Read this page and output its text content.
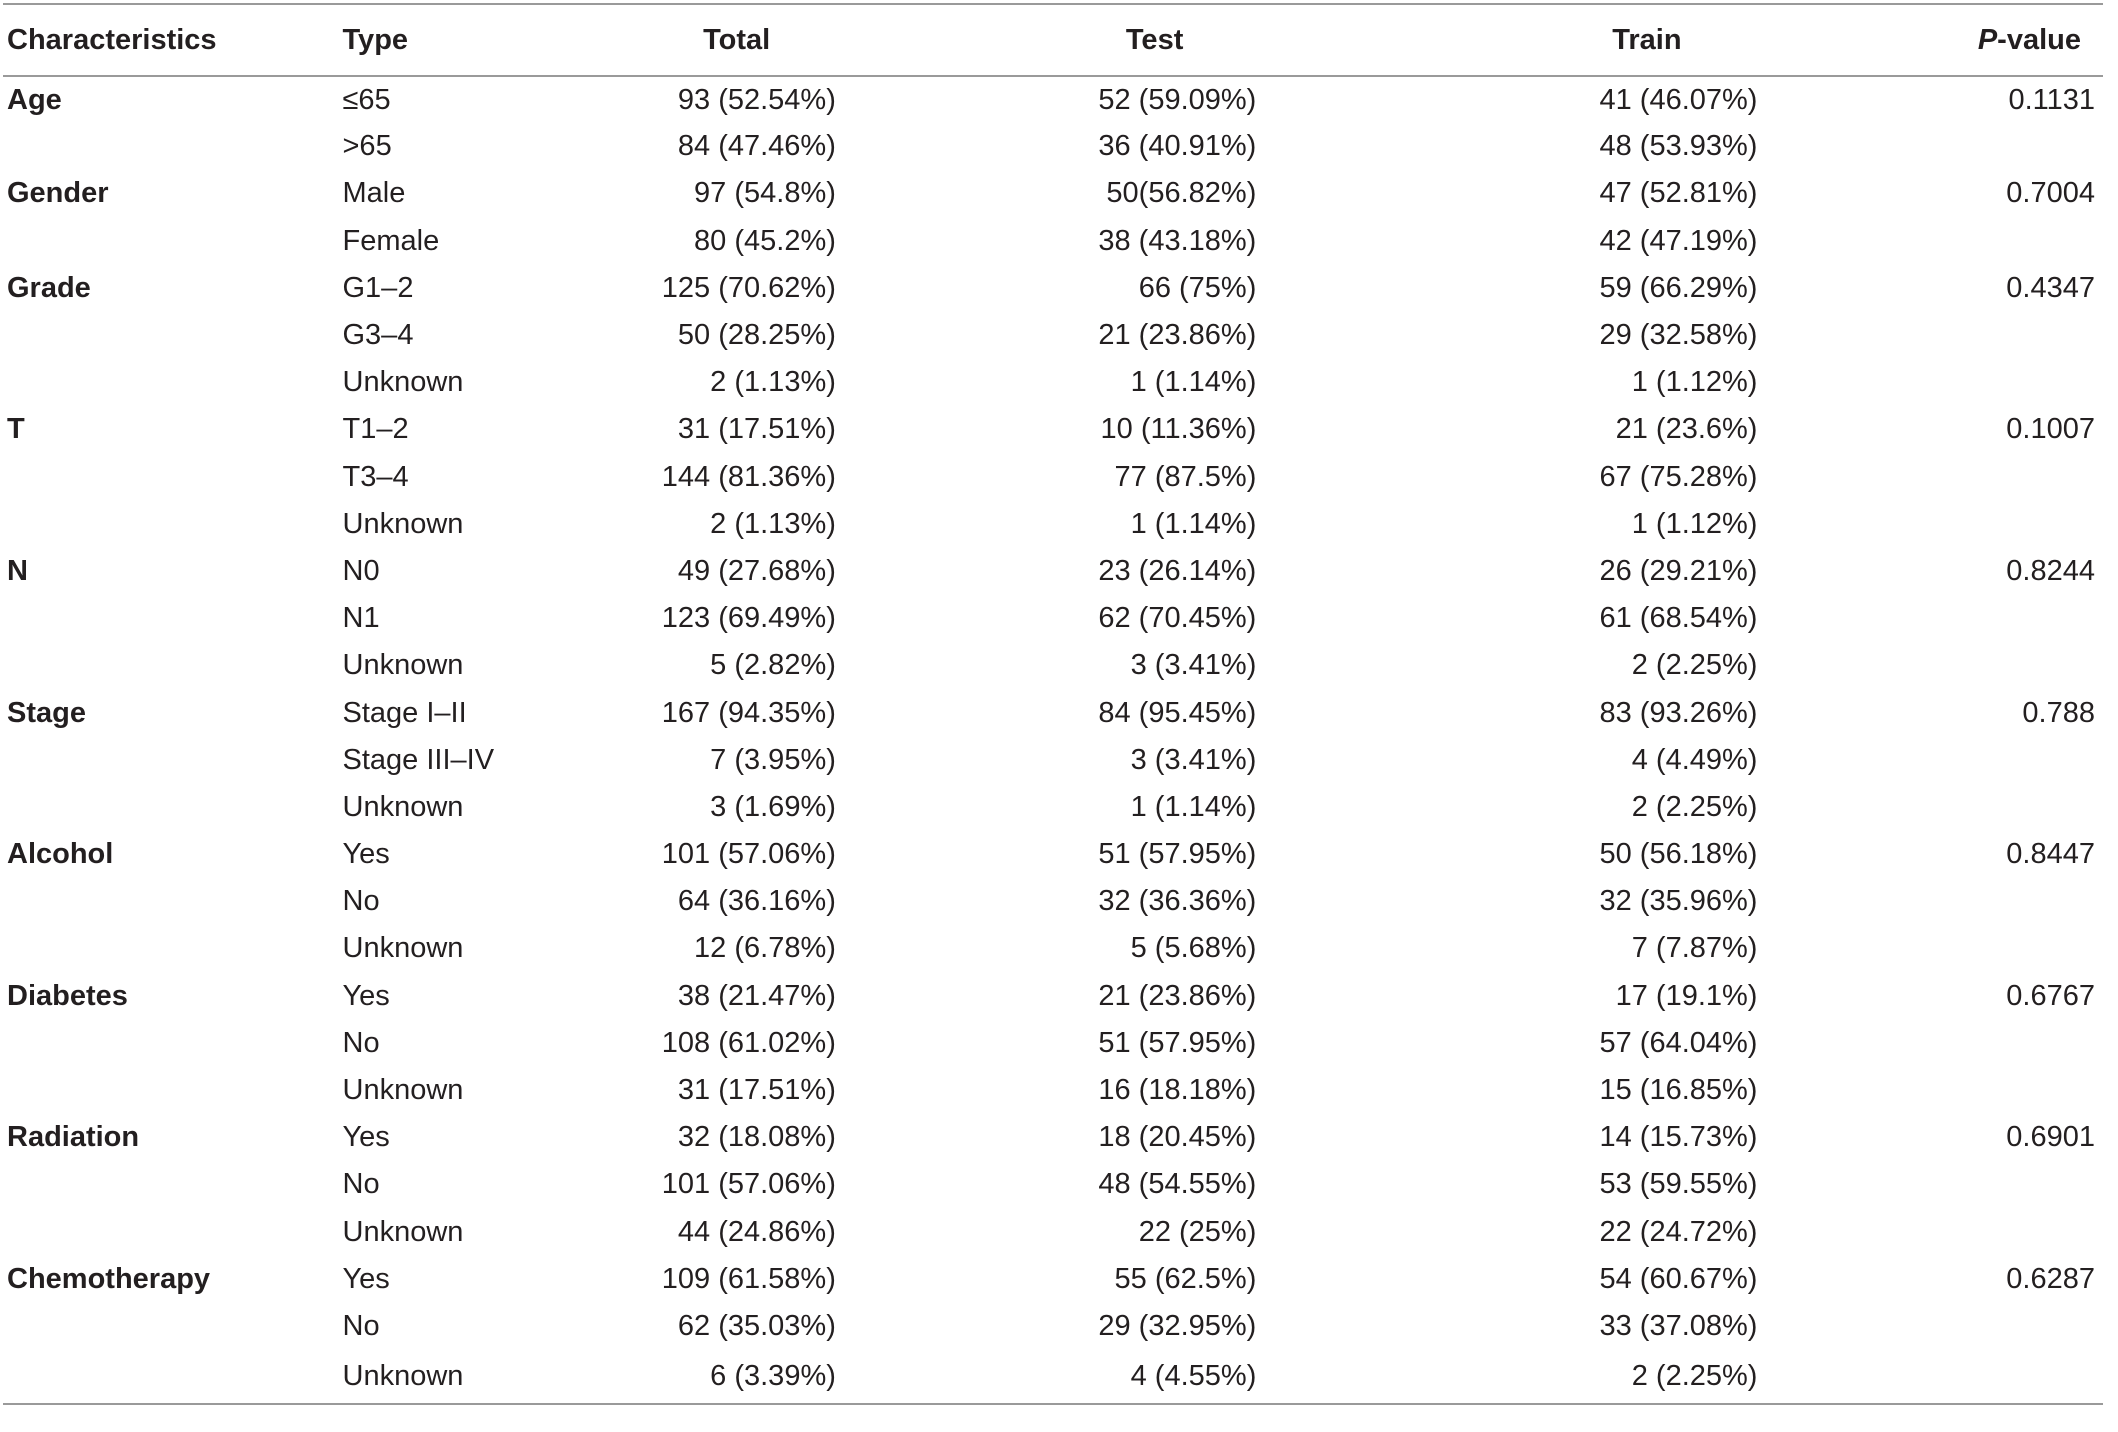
Characteristics	Type	Total	Test	Train	P-value
Age	≤65	93 (52.54%)	52 (59.09%)	41 (46.07%)	0.1131
	>65	84 (47.46%)	36 (40.91%)	48 (53.93%)	
Gender	Male	97 (54.8%)	50(56.82%)	47 (52.81%)	0.7004
	Female	80 (45.2%)	38 (43.18%)	42 (47.19%)	
Grade	G1–2	125 (70.62%)	66 (75%)	59 (66.29%)	0.4347
	G3–4	50 (28.25%)	21 (23.86%)	29 (32.58%)	
	Unknown	2 (1.13%)	1 (1.14%)	1 (1.12%)	
T	T1–2	31 (17.51%)	10 (11.36%)	21 (23.6%)	0.1007
	T3–4	144 (81.36%)	77 (87.5%)	67 (75.28%)	
	Unknown	2 (1.13%)	1 (1.14%)	1 (1.12%)	
N	N0	49 (27.68%)	23 (26.14%)	26 (29.21%)	0.8244
	N1	123 (69.49%)	62 (70.45%)	61 (68.54%)	
	Unknown	5 (2.82%)	3 (3.41%)	2 (2.25%)	
Stage	Stage I–II	167 (94.35%)	84 (95.45%)	83 (93.26%)	0.788
	Stage III–IV	7 (3.95%)	3 (3.41%)	4 (4.49%)	
	Unknown	3 (1.69%)	1 (1.14%)	2 (2.25%)	
Alcohol	Yes	101 (57.06%)	51 (57.95%)	50 (56.18%)	0.8447
	No	64 (36.16%)	32 (36.36%)	32 (35.96%)	
	Unknown	12 (6.78%)	5 (5.68%)	7 (7.87%)	
Diabetes	Yes	38 (21.47%)	21 (23.86%)	17 (19.1%)	0.6767
	No	108 (61.02%)	51 (57.95%)	57 (64.04%)	
	Unknown	31 (17.51%)	16 (18.18%)	15 (16.85%)	
Radiation	Yes	32 (18.08%)	18 (20.45%)	14 (15.73%)	0.6901
	No	101 (57.06%)	48 (54.55%)	53 (59.55%)	
	Unknown	44 (24.86%)	22 (25%)	22 (24.72%)	
Chemotherapy	Yes	109 (61.58%)	55 (62.5%)	54 (60.67%)	0.6287
	No	62 (35.03%)	29 (32.95%)	33 (37.08%)	
	Unknown	6 (3.39%)	4 (4.55%)	2 (2.25%)	
